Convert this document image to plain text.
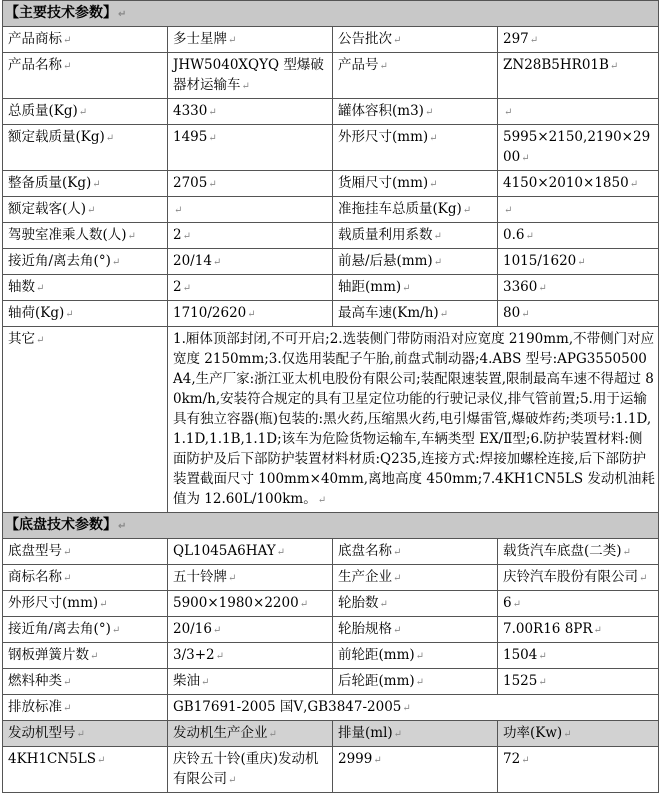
【主要技术参数】↵			
产品商标↵	多士星牌↵	公告批次↵	297↵
产品名称↵	JHW5040XQYQ 型爆破器材运输车↵	产品号↵	ZN28B5HR01B↵
总质量(Kg)↵	4330↵	罐体容积(m3)↵	↵
额定载质量(Kg)↵	1495↵	外形尺寸(mm)↵	5995×2150,2190×2900↵
整备质量(Kg)↵	2705↵	货厢尺寸(mm)↵	4150×2010×1850↵
额定载客(人)↵	↵	准拖挂车总质量(Kg)↵	↵
驾驶室准乘人数(人)↵	2↵	载质量利用系数↵	0.6↵
接近角/离去角(°)↵	20/14↵	前悬/后悬(mm)↵	1015/1620↵
轴数↵	2↵	轴距(mm)↵	3360↵
轴荷(Kg)↵	1710/2620↵	最高车速(Km/h)↵	80↵
其它↵	1.厢体顶部封闭,不可开启;2.选装侧门带防雨沿对应宽度 2190mm,不带侧门对应宽度 2150mm;3.仅选用装配子午胎,前盘式制动器;4.ABS 型号:APG3550500A4,生产厂家:浙江亚太机电股份有限公司;装配限速装置,限制最高车速不得超过 80km/h,安装符合规定的具有卫星定位功能的行驶记录仪,排气管前置;5.用于运输具有独立容器(瓶)包装的:黑火药,压缩黑火药,电引爆雷管,爆破炸药;类项号:1.1D,1.1D,1.1B,1.1D;该车为危险货物运输车,车辆类型 EX/Ⅱ型;6.防护装置材料:侧面防护及后下部防护装置材料材质:Q235,连接方式:焊接加螺栓连接,后下部防护装置截面尺寸 100mm×40mm,离地高度 450mm;7.4KH1CN5LS 发动机油耗值为 12.60L/100km。↵		
【底盘技术参数】↵			
底盘型号↵	QL1045A6HAY↵	底盘名称↵	载货汽车底盘(二类)↵
商标名称↵	五十铃牌↵	生产企业↵	庆铃汽车股份有限公司↵
外形尺寸(mm)↵	5900×1980×2200↵	轮胎数↵	6↵
接近角/离去角(°)↵	20/16↵	轮胎规格↵	7.00R16 8PR↵
钢板弹簧片数↵	3/3+2↵	前轮距(mm)↵	1504↵
燃料种类↵	柴油↵	后轮距(mm)↵	1525↵
排放标准↵	GB17691-2005 国Ⅴ,GB3847-2005↵		
发动机型号↵	发动机生产企业↵	排量(ml)↵	功率(Kw)↵
4KH1CN5LS↵	庆铃五十铃(重庆)发动机有限公司↵	2999↵	72↵
